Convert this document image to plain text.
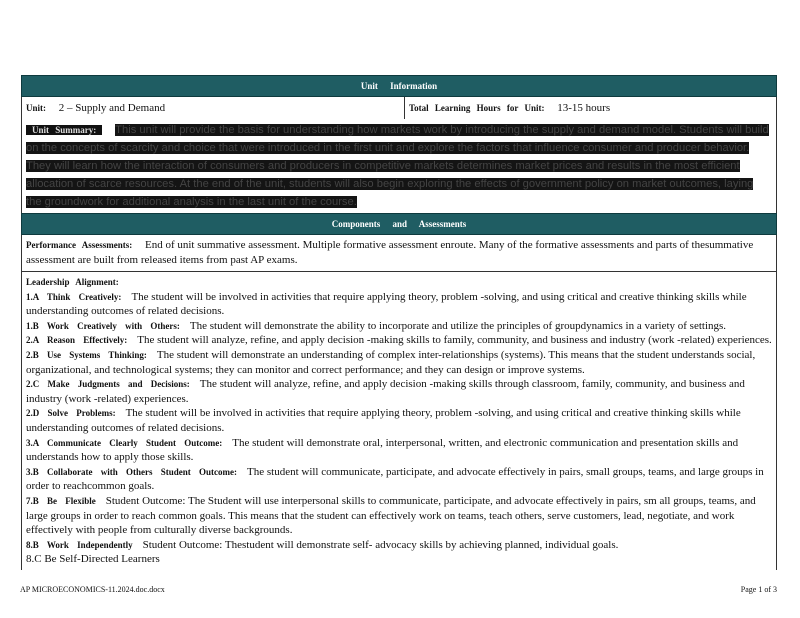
Unit Information
Unit: 2 – Supply and Demand	Total Learning Hours for Unit: 13-15 hours
Unit Summary: This unit will provide the basis for understanding how markets work by introducing the supply and demand model. Students will build on the concepts of scarcity and choice that were introduced in the first unit and explore the factors that influence consumer and producer behavior. They will learn how the interaction of consumers and producers in competitive markets determines market prices and results in the most efficient allocation of scarce resources. At the end of the unit, students will also begin exploring the effects of government policy on market outcomes, laying the groundwork for additional analysis in the last unit of the course.
Components and Assessments
Performance Assessments: End of unit summative assessment. Multiple formative assessment enroute. Many of the formative assessments and parts of thesummative assessment are built from released items from past AP exams.
Leadership Alignment:
1.A Think Creatively: The student will be involved in activities that require applying theory, problem -solving, and using critical and creative thinking skills while understanding outcomes of related decisions.
1.B Work Creatively with Others: The student will demonstrate the ability to incorporate and utilize the principles of groupdynamics in a variety of settings.
2.A Reason Effectively: The student will analyze, refine, and apply decision -making skills to family, community, and business and industry (work -related) experiences.
2.B Use Systems Thinking: The student will demonstrate an understanding of complex inter-relationships (systems). This means that the student understands social, organizational, and technological systems; they can monitor and correct performance; and they can design or improve systems.
2.C Make Judgments and Decisions: The student will analyze, refine, and apply decision -making skills through classroom, family, community, and business and industry (work -related) experiences.
2.D Solve Problems: The student will be involved in activities that require applying theory, problem -solving, and using critical and creative thinking skills while understanding outcomes of related decisions.
3.A Communicate Clearly Student Outcome: The student will demonstrate oral, interpersonal, written, and electronic communication and presentation skills and understands how to apply those skills.
3.B Collaborate with Others Student Outcome: The student will communicate, participate, and advocate effectively in pairs, small groups, teams, and large groups in order to reachcommon goals.
7.B Be Flexible Student Outcome: The Student will use interpersonal skills to communicate, participate, and advocate effectively in pairs, sm all groups, teams, and large groups in order to reach common goals. This means that the student can effectively work on teams, teach others, serve customers, lead, negotiate, and work effectively with people from culturally diverse backgrounds.
8.B Work Independently Student Outcome: Thestudent will demonstrate self- advocacy skills by achieving planned, individual goals.
8.C Be Self-Directed Learners
AP MICROECONOMICS-11.2024.doc.docx	Page 1 of 3
